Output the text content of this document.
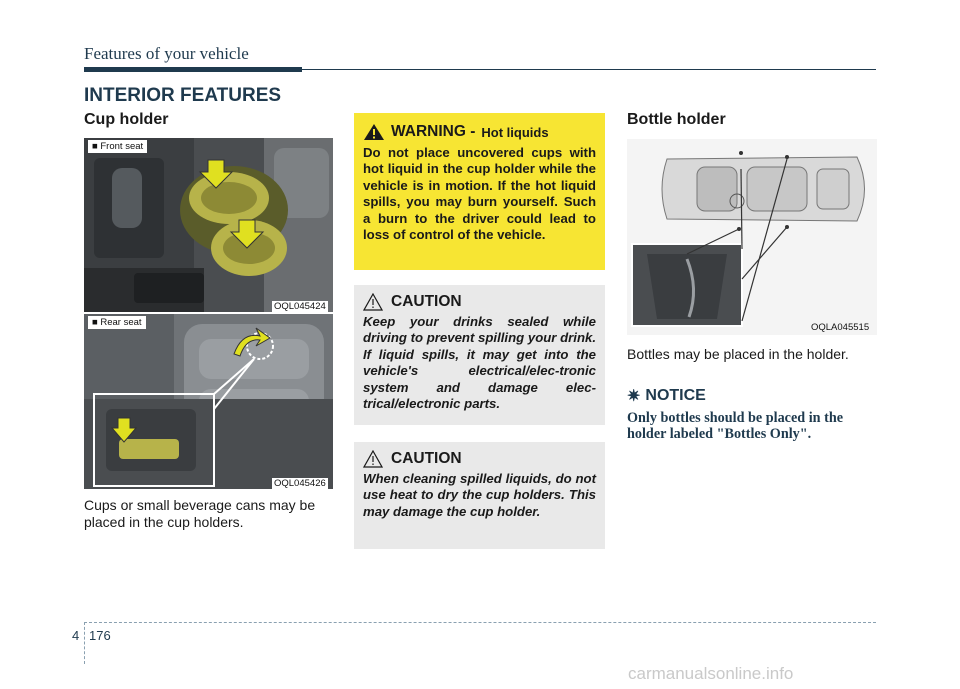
Features of your vehicle
INTERIOR FEATURES
Cup holder
■ Front seat
OQL045424
■ Rear seat
OQL045426
Cups or small beverage cans may be placed in the cup holders.
WARNING - Hot liquids
Do not place uncovered cups with hot liquid in the cup holder while the vehicle is in motion. If the hot liquid spills, you may burn yourself. Such a burn to the driver could lead to loss of control of the vehicle.
CAUTION
Keep your drinks sealed while driving to prevent spilling your drink. If liquid spills, it may get into the vehicle's electrical/elec-tronic system and damage elec-trical/electronic parts.
CAUTION
When cleaning spilled liquids, do not use heat to dry the cup holders. This may damage the cup holder.
Bottle holder
OQLA045515
Bottles may be placed in the holder.
✷ NOTICE
Only bottles should be placed in the holder labeled "Bottles Only".
4 176
carmanualsonline.info
